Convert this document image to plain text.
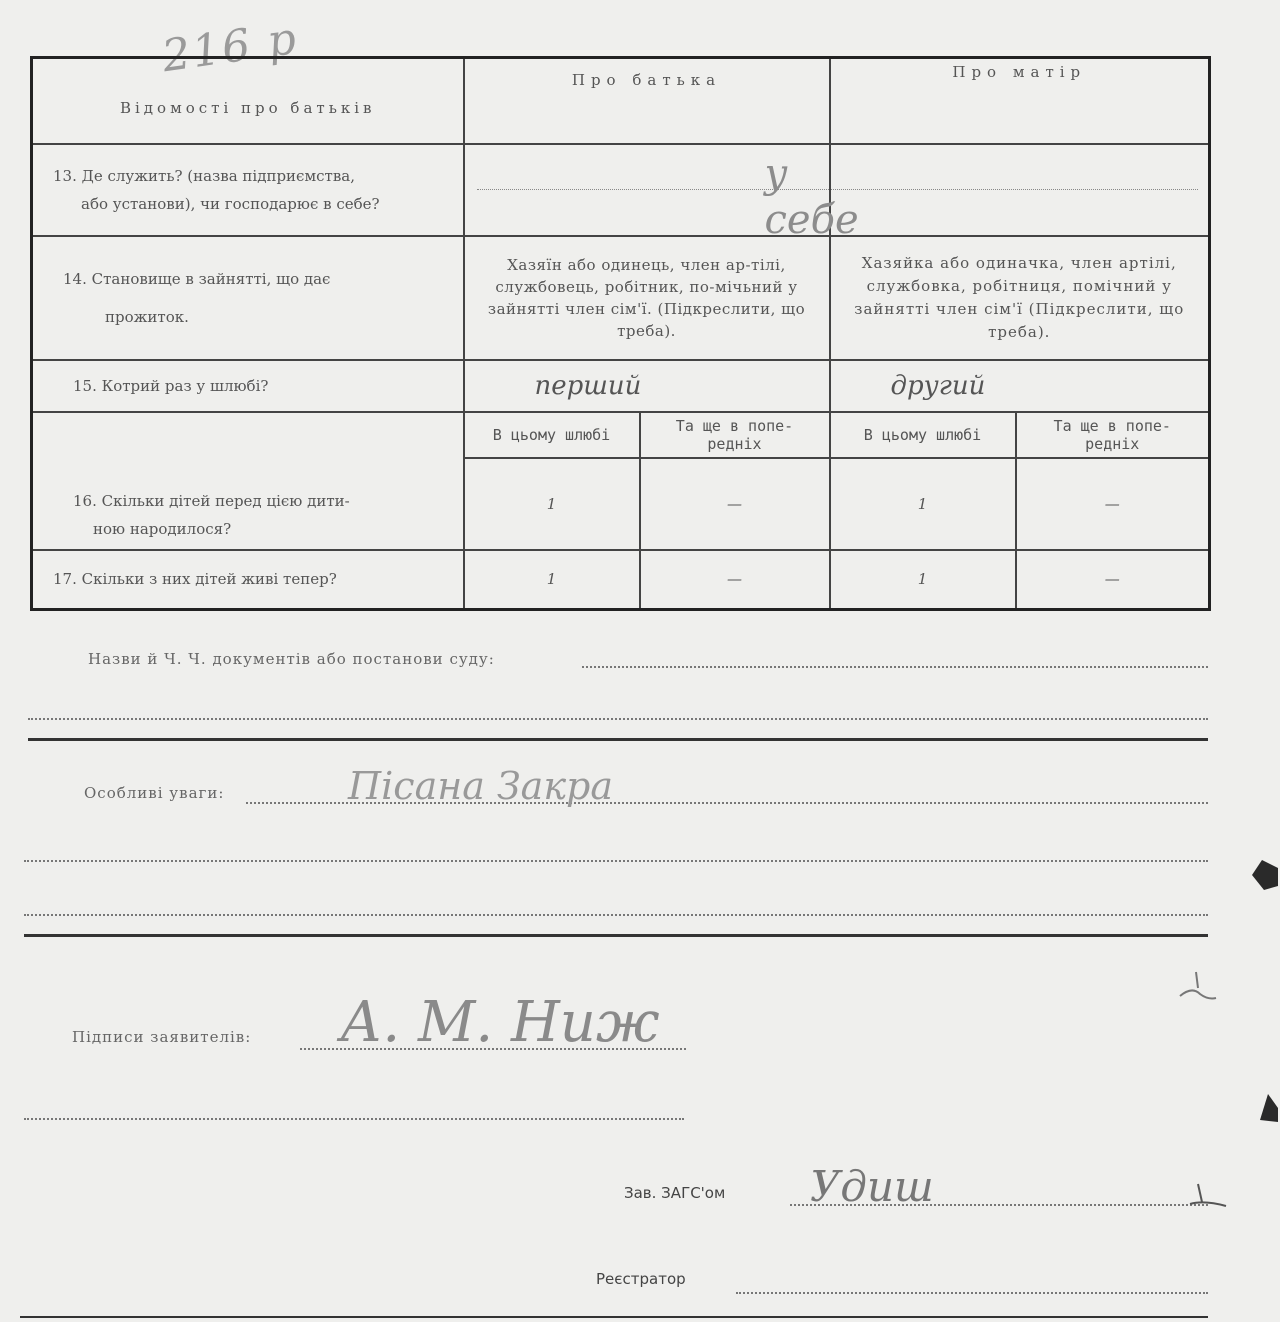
216 р
Відомості про батьків	Про батька		Про матір	

13. Де служить? (назва підприємства,
або установи), чи господарює в себе?	у себе			

14. Становище в зайнятті, що дає
прожиток.	Хазяїн або одинець, член ар-тілі, службовець, робітник, по-мічьний у зайнятті член сім'ї. (Підкреслити, що треба).		Хазяйка або одиначка, член артілі, службовка, робітниця, помічний у зайнятті член сім'ї (Підкреслити, що треба).	
15. Котрий раз у шлюбі?	перший		другий	

16. Скільки дітей перед цією дити-
ною народилося?	В цьому шлюбі	Та ще в попе-редніх	В цьому шлюбі	Та ще в попе-редніх
	1	—	1	—
17. Скільки з них дітей живі тепер?	1	—	1	—
Назви й Ч. Ч. документів або постанови суду:
Особливі уваги:	Пісана Закра
Підписи заявителів: А. М. Ниж
Зав. ЗАГС'ом Удиш
Реєстратор
